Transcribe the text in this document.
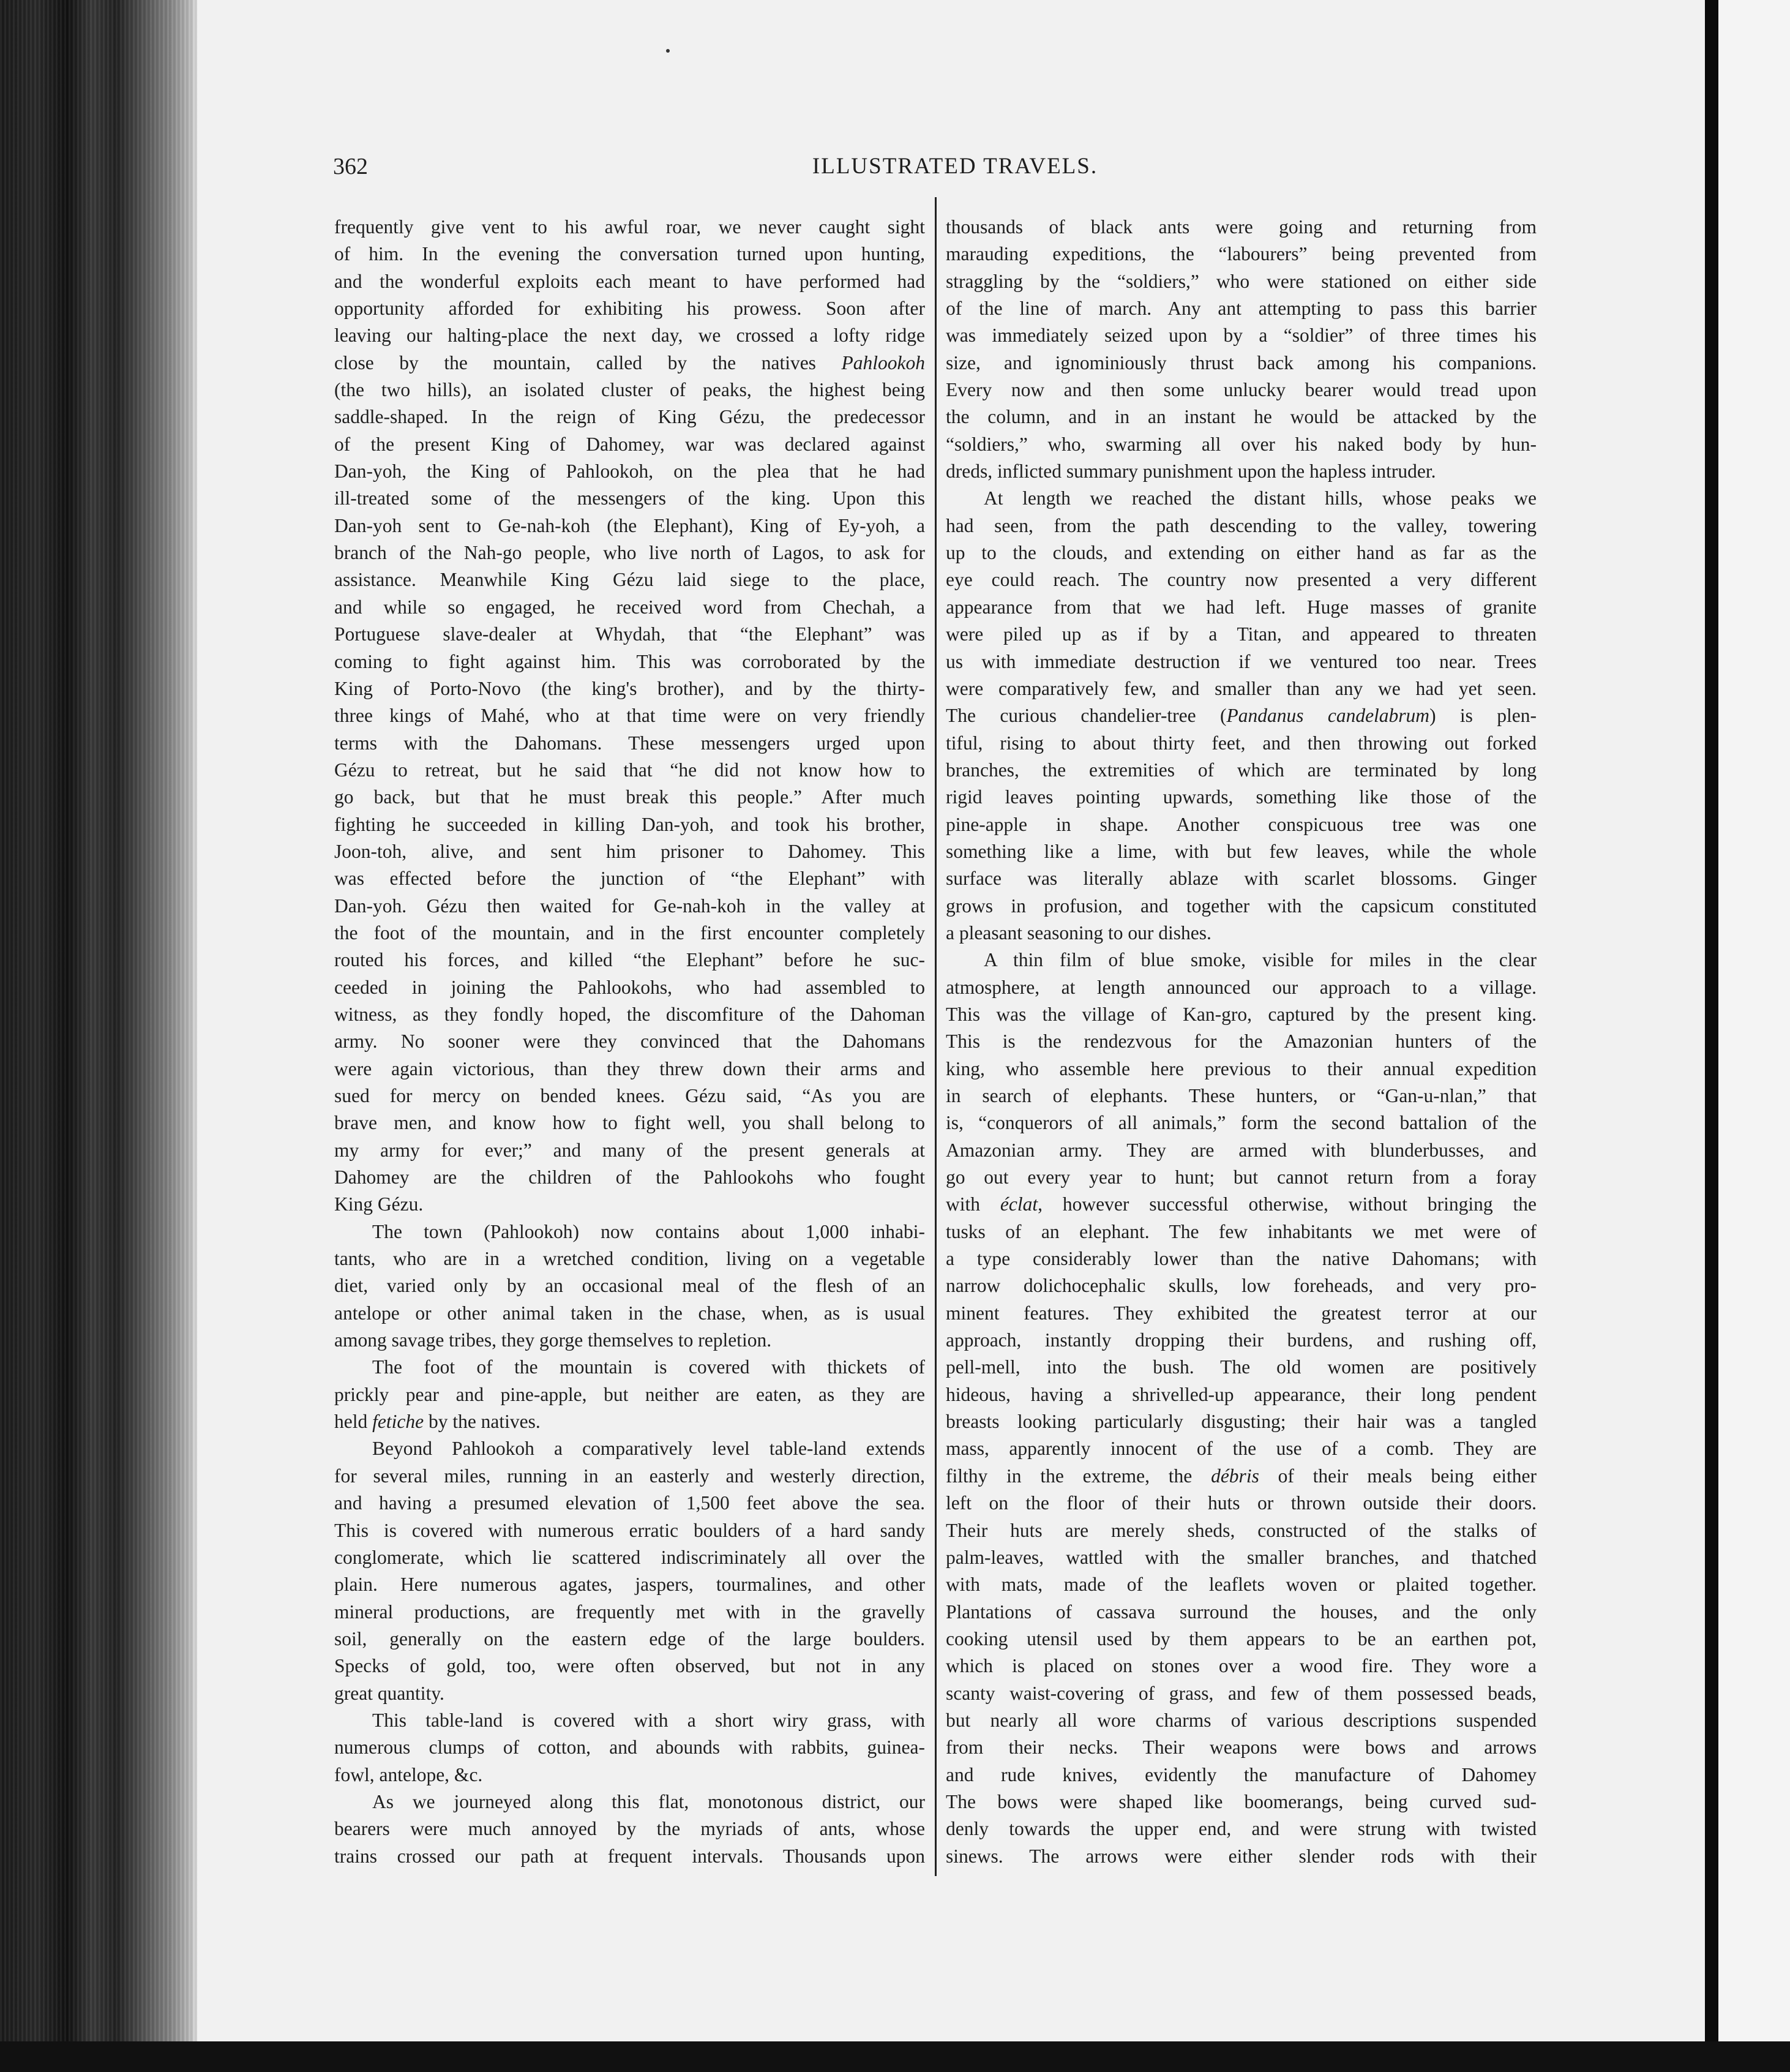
362	ILLUSTRATED TRAVELS.
frequently give vent to his awful roar, we never caught sight
of him. In the evening the conversation turned upon hunting,
and the wonderful exploits each meant to have performed had
opportunity afforded for exhibiting his prowess. Soon after
leaving our halting-place the next day, we crossed a lofty ridge
close by the mountain, called by the natives Pahlookoh
(the two hills), an isolated cluster of peaks, the highest being
saddle-shaped. In the reign of King Gézu, the predecessor
of the present King of Dahomey, war was declared against
Dan-yoh, the King of Pahlookoh, on the plea that he had
ill-treated some of the messengers of the king. Upon this
Dan-yoh sent to Ge-nah-koh (the Elephant), King of Ey-yoh, a
branch of the Nah-go people, who live north of Lagos, to ask for
assistance. Meanwhile King Gézu laid siege to the place,
and while so engaged, he received word from Chechah, a
Portuguese slave-dealer at Whydah, that “the Elephant” was
coming to fight against him. This was corroborated by the
King of Porto-Novo (the king's brother), and by the thirty-
three kings of Mahé, who at that time were on very friendly
terms with the Dahomans. These messengers urged upon
Gézu to retreat, but he said that “he did not know how to
go back, but that he must break this people.” After much
fighting he succeeded in killing Dan-yoh, and took his brother,
Joon-toh, alive, and sent him prisoner to Dahomey. This
was effected before the junction of “the Elephant” with
Dan-yoh. Gézu then waited for Ge-nah-koh in the valley at
the foot of the mountain, and in the first encounter completely
routed his forces, and killed “the Elephant” before he suc-
ceeded in joining the Pahlookohs, who had assembled to
witness, as they fondly hoped, the discomfiture of the Dahoman
army. No sooner were they convinced that the Dahomans
were again victorious, than they threw down their arms and
sued for mercy on bended knees. Gézu said, “As you are
brave men, and know how to fight well, you shall belong to
my army for ever;” and many of the present generals at
Dahomey are the children of the Pahlookohs who fought
King Gézu.
The town (Pahlookoh) now contains about 1,000 inhabi-
tants, who are in a wretched condition, living on a vegetable
diet, varied only by an occasional meal of the flesh of an
antelope or other animal taken in the chase, when, as is usual
among savage tribes, they gorge themselves to repletion.
The foot of the mountain is covered with thickets of
prickly pear and pine-apple, but neither are eaten, as they are
held fetiche by the natives.
Beyond Pahlookoh a comparatively level table-land extends
for several miles, running in an easterly and westerly direction,
and having a presumed elevation of 1,500 feet above the sea.
This is covered with numerous erratic boulders of a hard sandy
conglomerate, which lie scattered indiscriminately all over the
plain. Here numerous agates, jaspers, tourmalines, and other
mineral productions, are frequently met with in the gravelly
soil, generally on the eastern edge of the large boulders.
Specks of gold, too, were often observed, but not in any
great quantity.
This table-land is covered with a short wiry grass, with
numerous clumps of cotton, and abounds with rabbits, guinea-
fowl, antelope, &c.
As we journeyed along this flat, monotonous district, our
bearers were much annoyed by the myriads of ants, whose
trains crossed our path at frequent intervals. Thousands upon
thousands of black ants were going and returning from
marauding expeditions, the “labourers” being prevented from
straggling by the “soldiers,” who were stationed on either side
of the line of march. Any ant attempting to pass this barrier
was immediately seized upon by a “soldier” of three times his
size, and ignominiously thrust back among his companions.
Every now and then some unlucky bearer would tread upon
the column, and in an instant he would be attacked by the
“soldiers,” who, swarming all over his naked body by hun-
dreds, inflicted summary punishment upon the hapless intruder.
At length we reached the distant hills, whose peaks we
had seen, from the path descending to the valley, towering
up to the clouds, and extending on either hand as far as the
eye could reach. The country now presented a very different
appearance from that we had left. Huge masses of granite
were piled up as if by a Titan, and appeared to threaten
us with immediate destruction if we ventured too near. Trees
were comparatively few, and smaller than any we had yet seen.
The curious chandelier-tree (Pandanus candelabrum) is plen-
tiful, rising to about thirty feet, and then throwing out forked
branches, the extremities of which are terminated by long
rigid leaves pointing upwards, something like those of the
pine-apple in shape. Another conspicuous tree was one
something like a lime, with but few leaves, while the whole
surface was literally ablaze with scarlet blossoms. Ginger
grows in profusion, and together with the capsicum constituted
a pleasant seasoning to our dishes.
A thin film of blue smoke, visible for miles in the clear
atmosphere, at length announced our approach to a village.
This was the village of Kan-gro, captured by the present king.
This is the rendezvous for the Amazonian hunters of the
king, who assemble here previous to their annual expedition
in search of elephants. These hunters, or “Gan-u-nlan,” that
is, “conquerors of all animals,” form the second battalion of the
Amazonian army. They are armed with blunderbusses, and
go out every year to hunt; but cannot return from a foray
with éclat, however successful otherwise, without bringing the
tusks of an elephant. The few inhabitants we met were of
a type considerably lower than the native Dahomans; with
narrow dolichocephalic skulls, low foreheads, and very pro-
minent features. They exhibited the greatest terror at our
approach, instantly dropping their burdens, and rushing off,
pell-mell, into the bush. The old women are positively
hideous, having a shrivelled-up appearance, their long pendent
breasts looking particularly disgusting; their hair was a tangled
mass, apparently innocent of the use of a comb. They are
filthy in the extreme, the débris of their meals being either
left on the floor of their huts or thrown outside their doors.
Their huts are merely sheds, constructed of the stalks of
palm-leaves, wattled with the smaller branches, and thatched
with mats, made of the leaflets woven or plaited together.
Plantations of cassava surround the houses, and the only
cooking utensil used by them appears to be an earthen pot,
which is placed on stones over a wood fire. They wore a
scanty waist-covering of grass, and few of them possessed beads,
but nearly all wore charms of various descriptions suspended
from their necks. Their weapons were bows and arrows
and rude knives, evidently the manufacture of Dahomey
The bows were shaped like boomerangs, being curved sud-
denly towards the upper end, and were strung with twisted
sinews. The arrows were either slender rods with their
